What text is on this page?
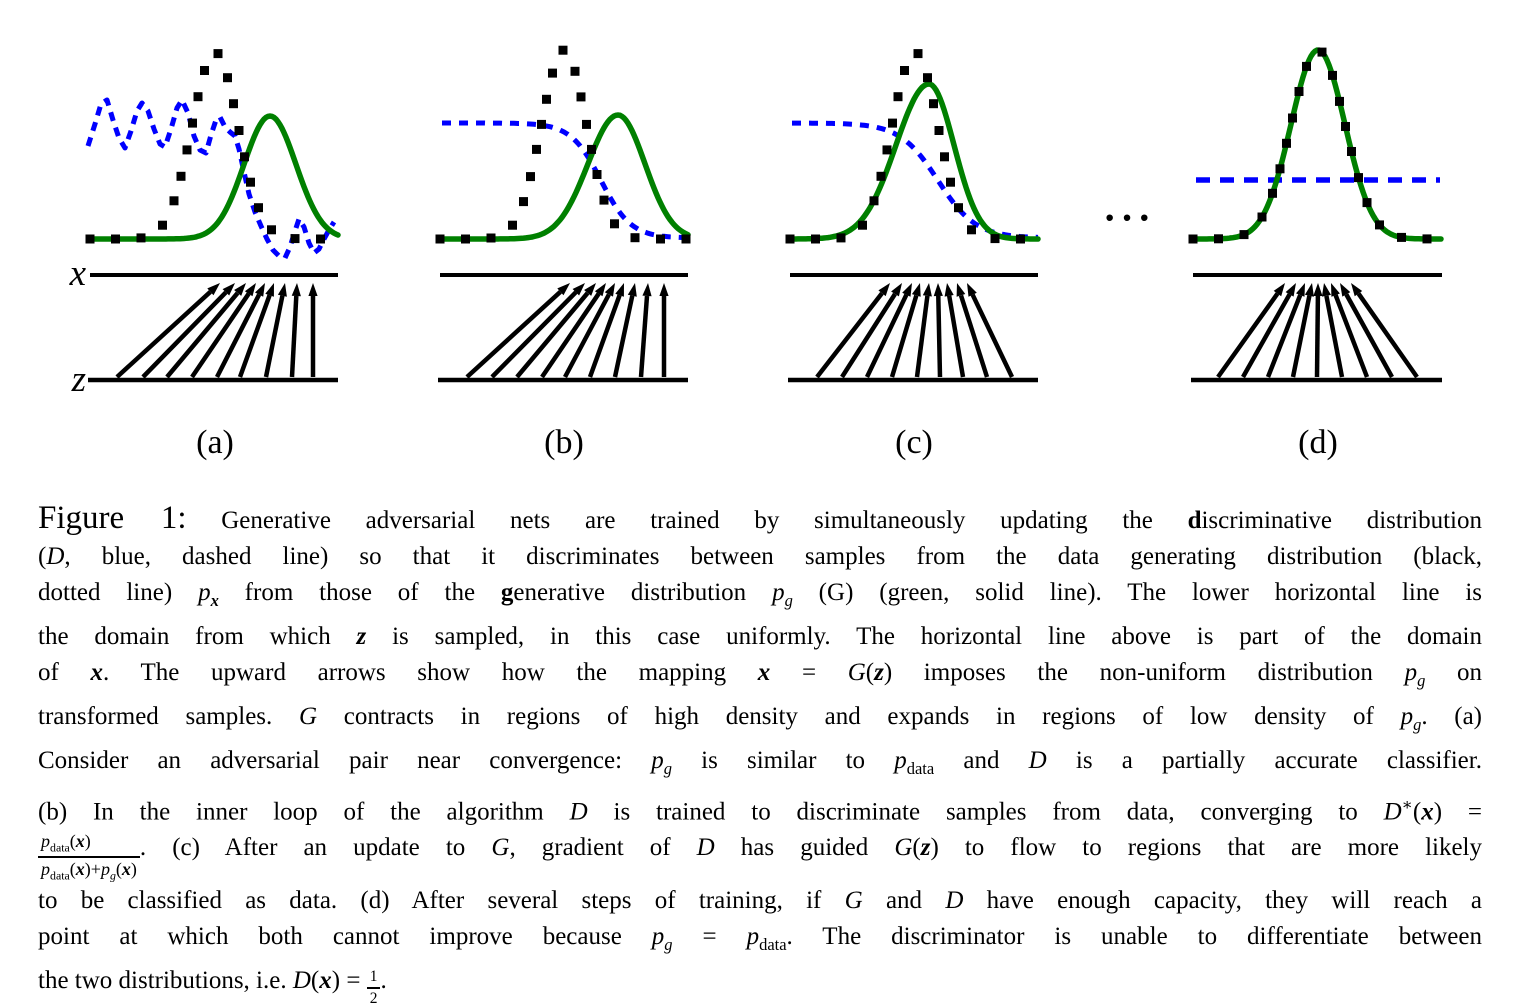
(a)
x
z
(b)	(c)	(d)
···
Figure 1: Generative adversarial nets are trained by simultaneously updating the discriminative distribution
(D, blue, dashed line) so that it discriminates between samples from the data generating distribution (black,
dotted line) $p_x$ from those of the generative distribution $p_g$ (G) (green, solid line). The lower horizontal line is
the domain from which z is sampled, in this case uniformly. The horizontal line above is part of the domain
of x. The upward arrows show how the mapping x = G(z) imposes the non-uniform distribution $p_g$ on
transformed samples. G contracts in regions of high density and expands in regions of low density of $p_g$. (a)
Consider an adversarial pair near convergence: $p_g$ is similar to $p_{data}$ and D is a partially accurate classifier.
(b) In the inner loop of the algorithm D is trained to discriminate samples from data, converging to D∗(x) =
$\frac{p_{data}(x)}{p_{data}(x)+p_g(x)}$ . (c) After an update to G, gradient of D has guided G(z) to flow to regions that are more likely
to be classified as data. (d) After several steps of training, if G and D have enough capacity, they will reach a
point at which both cannot improve because $p_g = p_{data}$. The discriminator is unable to differentiate between
the two distributions, i.e. $D(x) = \frac{1}{2}$ .
